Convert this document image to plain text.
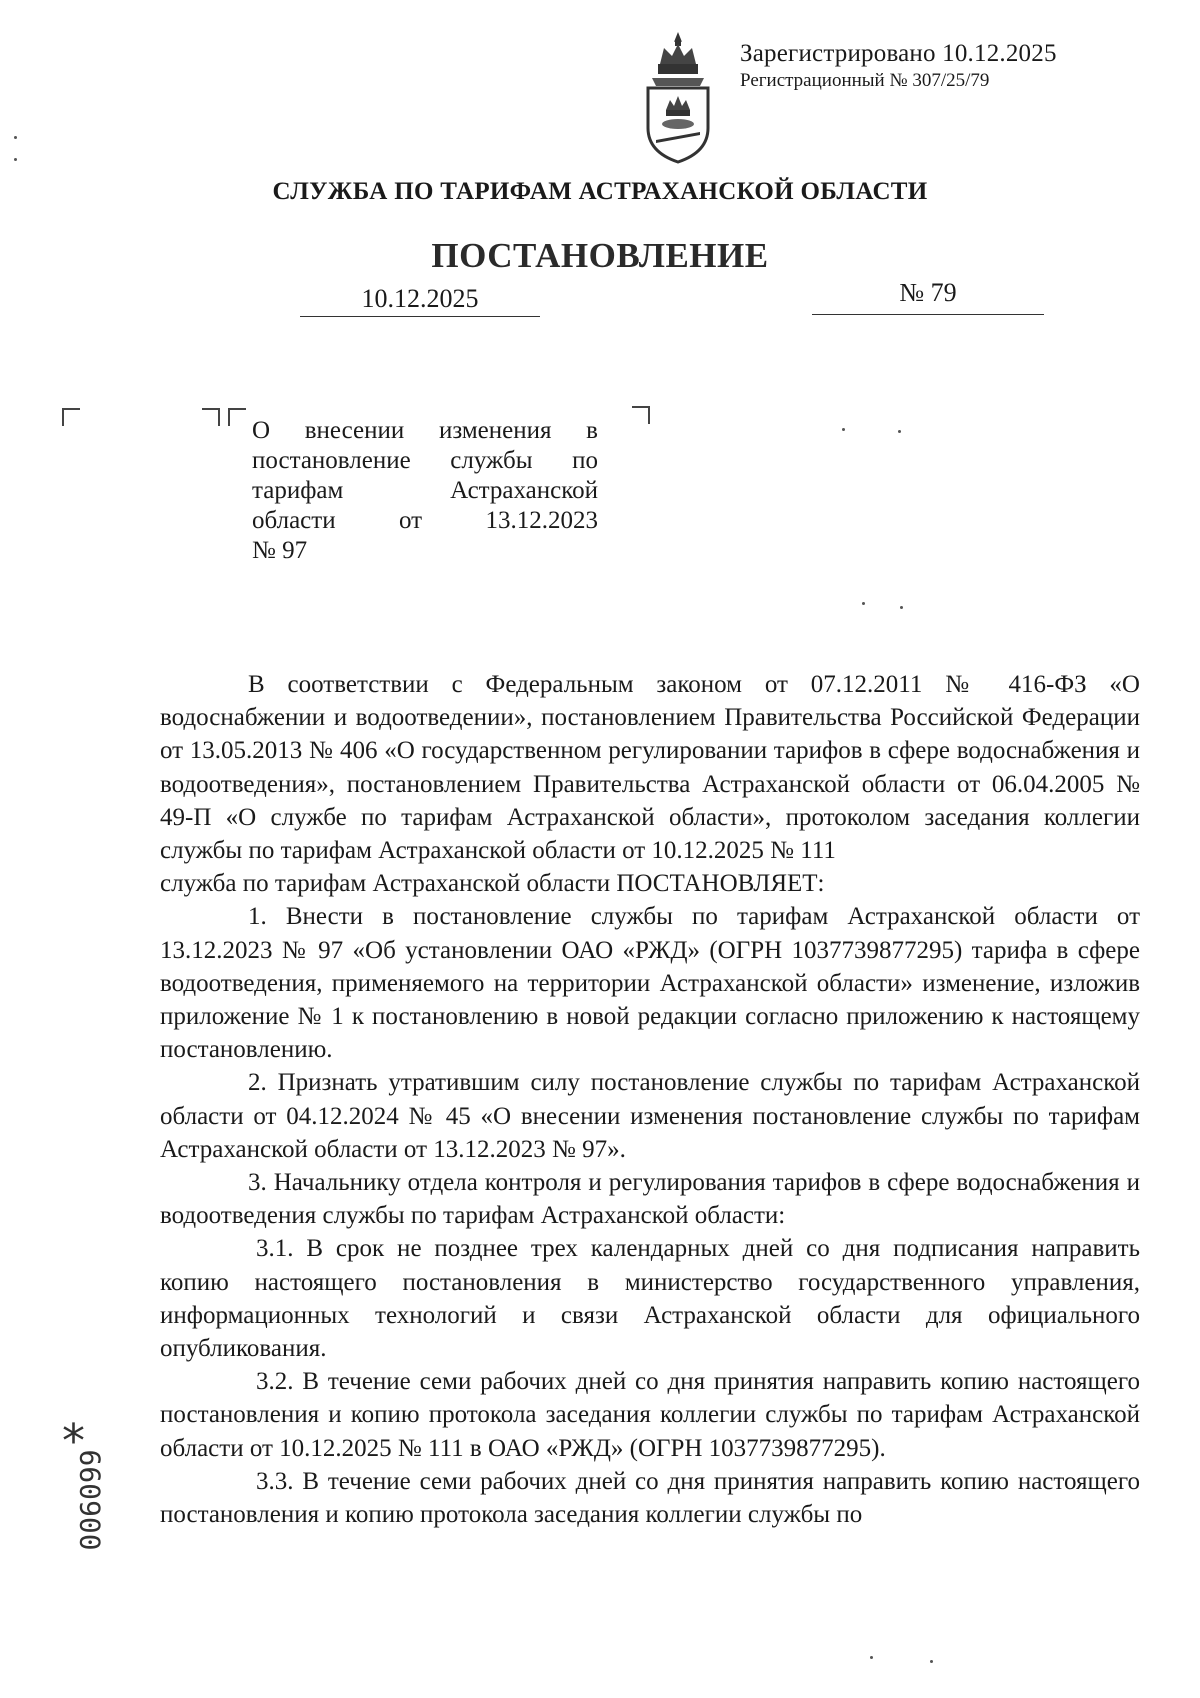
Зарегистрировано 10.12.2025
Регистрационный № 307/25/79
СЛУЖБА ПО ТАРИФАМ АСТРАХАНСКОЙ ОБЛАСТИ
ПОСТАНОВЛЕНИЕ
10.12.2025	№ 79
О внесении изменения в
постановление службы по
тарифам Астраханской
области от 13.12.2023
№ 97

В соответствии с Федеральным законом от 07.12.2011 № 416-ФЗ «О водоснабжении и водоотведении», постановлением Правительства Российской Федерации от 13.05.2013 № 406 «О государственном регулировании тарифов в сфере водоснабжения и водоотведения», постановлением Правительства Астраханской области от 06.04.2005 № 49-П «О службе по тарифам Астраханской области», протоколом заседания коллегии службы по тарифам Астраханской области от 10.12.2025 № 111

служба по тарифам Астраханской области ПОСТАНОВЛЯЕТ:

1. Внести в постановление службы по тарифам Астраханской области от 13.12.2023 № 97 «Об установлении ОАО «РЖД» (ОГРН 1037739877295) тарифа в сфере водоотведения, применяемого на территории Астраханской области» изменение, изложив приложение № 1 к постановлению в новой редакции согласно приложению к настоящему постановлению.

2. Признать утратившим силу постановление службы по тарифам Астраханской области от 04.12.2024 № 45 «О внесении изменения постановление службы по тарифам Астраханской области от 13.12.2023 № 97».

3. Начальнику отдела контроля и регулирования тарифов в сфере водоснабжения и водоотведения службы по тарифам Астраханской области:

3.1. В срок не позднее трех календарных дней со дня подписания направить копию настоящего постановления в министерство государственного управления, информационных технологий и связи Астраханской области для официального опубликования.

3.2. В течение семи рабочих дней со дня принятия направить копию настоящего постановления и копию протокола заседания коллегии службы по тарифам Астраханской области от 10.12.2025 № 111 в ОАО «РЖД» (ОГРН 1037739877295).

3.3. В течение семи рабочих дней со дня принятия направить копию настоящего постановления и копию протокола заседания коллегии службы по

*
006099
